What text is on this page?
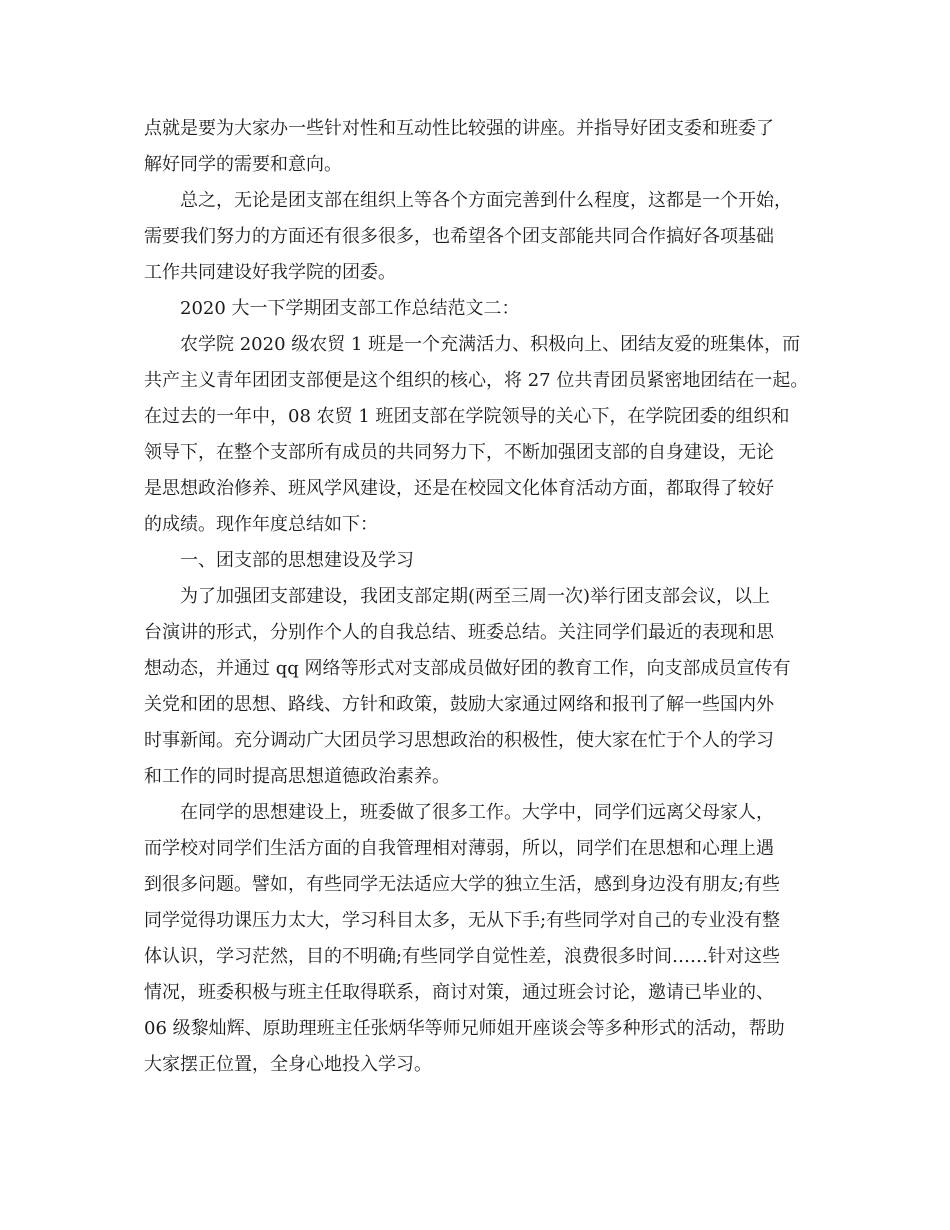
点就是要为大家办一些针对性和互动性比较强的讲座。并指导好团支委和班委了
解好同学的需要和意向。
总之，无论是团支部在组织上等各个方面完善到什么程度，这都是一个开始，
需要我们努力的方面还有很多很多，也希望各个团支部能共同合作搞好各项基础
工作共同建设好我学院的团委。
2020 大一下学期团支部工作总结范文二：
农学院 2020 级农贸 1 班是一个充满活力、积极向上、团结友爱的班集体，而
共产主义青年团团支部便是这个组织的核心，将 27 位共青团员紧密地团结在一起。
在过去的一年中，08 农贸 1 班团支部在学院领导的关心下，在学院团委的组织和
领导下，在整个支部所有成员的共同努力下，不断加强团支部的自身建设，无论
是思想政治修养、班风学风建设，还是在校园文化体育活动方面，都取得了较好
的成绩。现作年度总结如下：
一、团支部的思想建设及学习
为了加强团支部建设，我团支部定期(两至三周一次)举行团支部会议，以上
台演讲的形式，分别作个人的自我总结、班委总结。关注同学们最近的表现和思
想动态，并通过 qq 网络等形式对支部成员做好团的教育工作，向支部成员宣传有
关党和团的思想、路线、方针和政策，鼓励大家通过网络和报刊了解一些国内外
时事新闻。充分调动广大团员学习思想政治的积极性，使大家在忙于个人的学习
和工作的同时提高思想道德政治素养。
在同学的思想建设上，班委做了很多工作。大学中，同学们远离父母家人，
而学校对同学们生活方面的自我管理相对薄弱，所以，同学们在思想和心理上遇
到很多问题。譬如，有些同学无法适应大学的独立生活，感到身边没有朋友;有些
同学觉得功课压力太大，学习科目太多，无从下手;有些同学对自己的专业没有整
体认识，学习茫然，目的不明确;有些同学自觉性差，浪费很多时间……针对这些
情况，班委积极与班主任取得联系，商讨对策，通过班会讨论，邀请已毕业的、
06 级黎灿辉、原助理班主任张炳华等师兄师姐开座谈会等多种形式的活动，帮助
大家摆正位置，全身心地投入学习。
